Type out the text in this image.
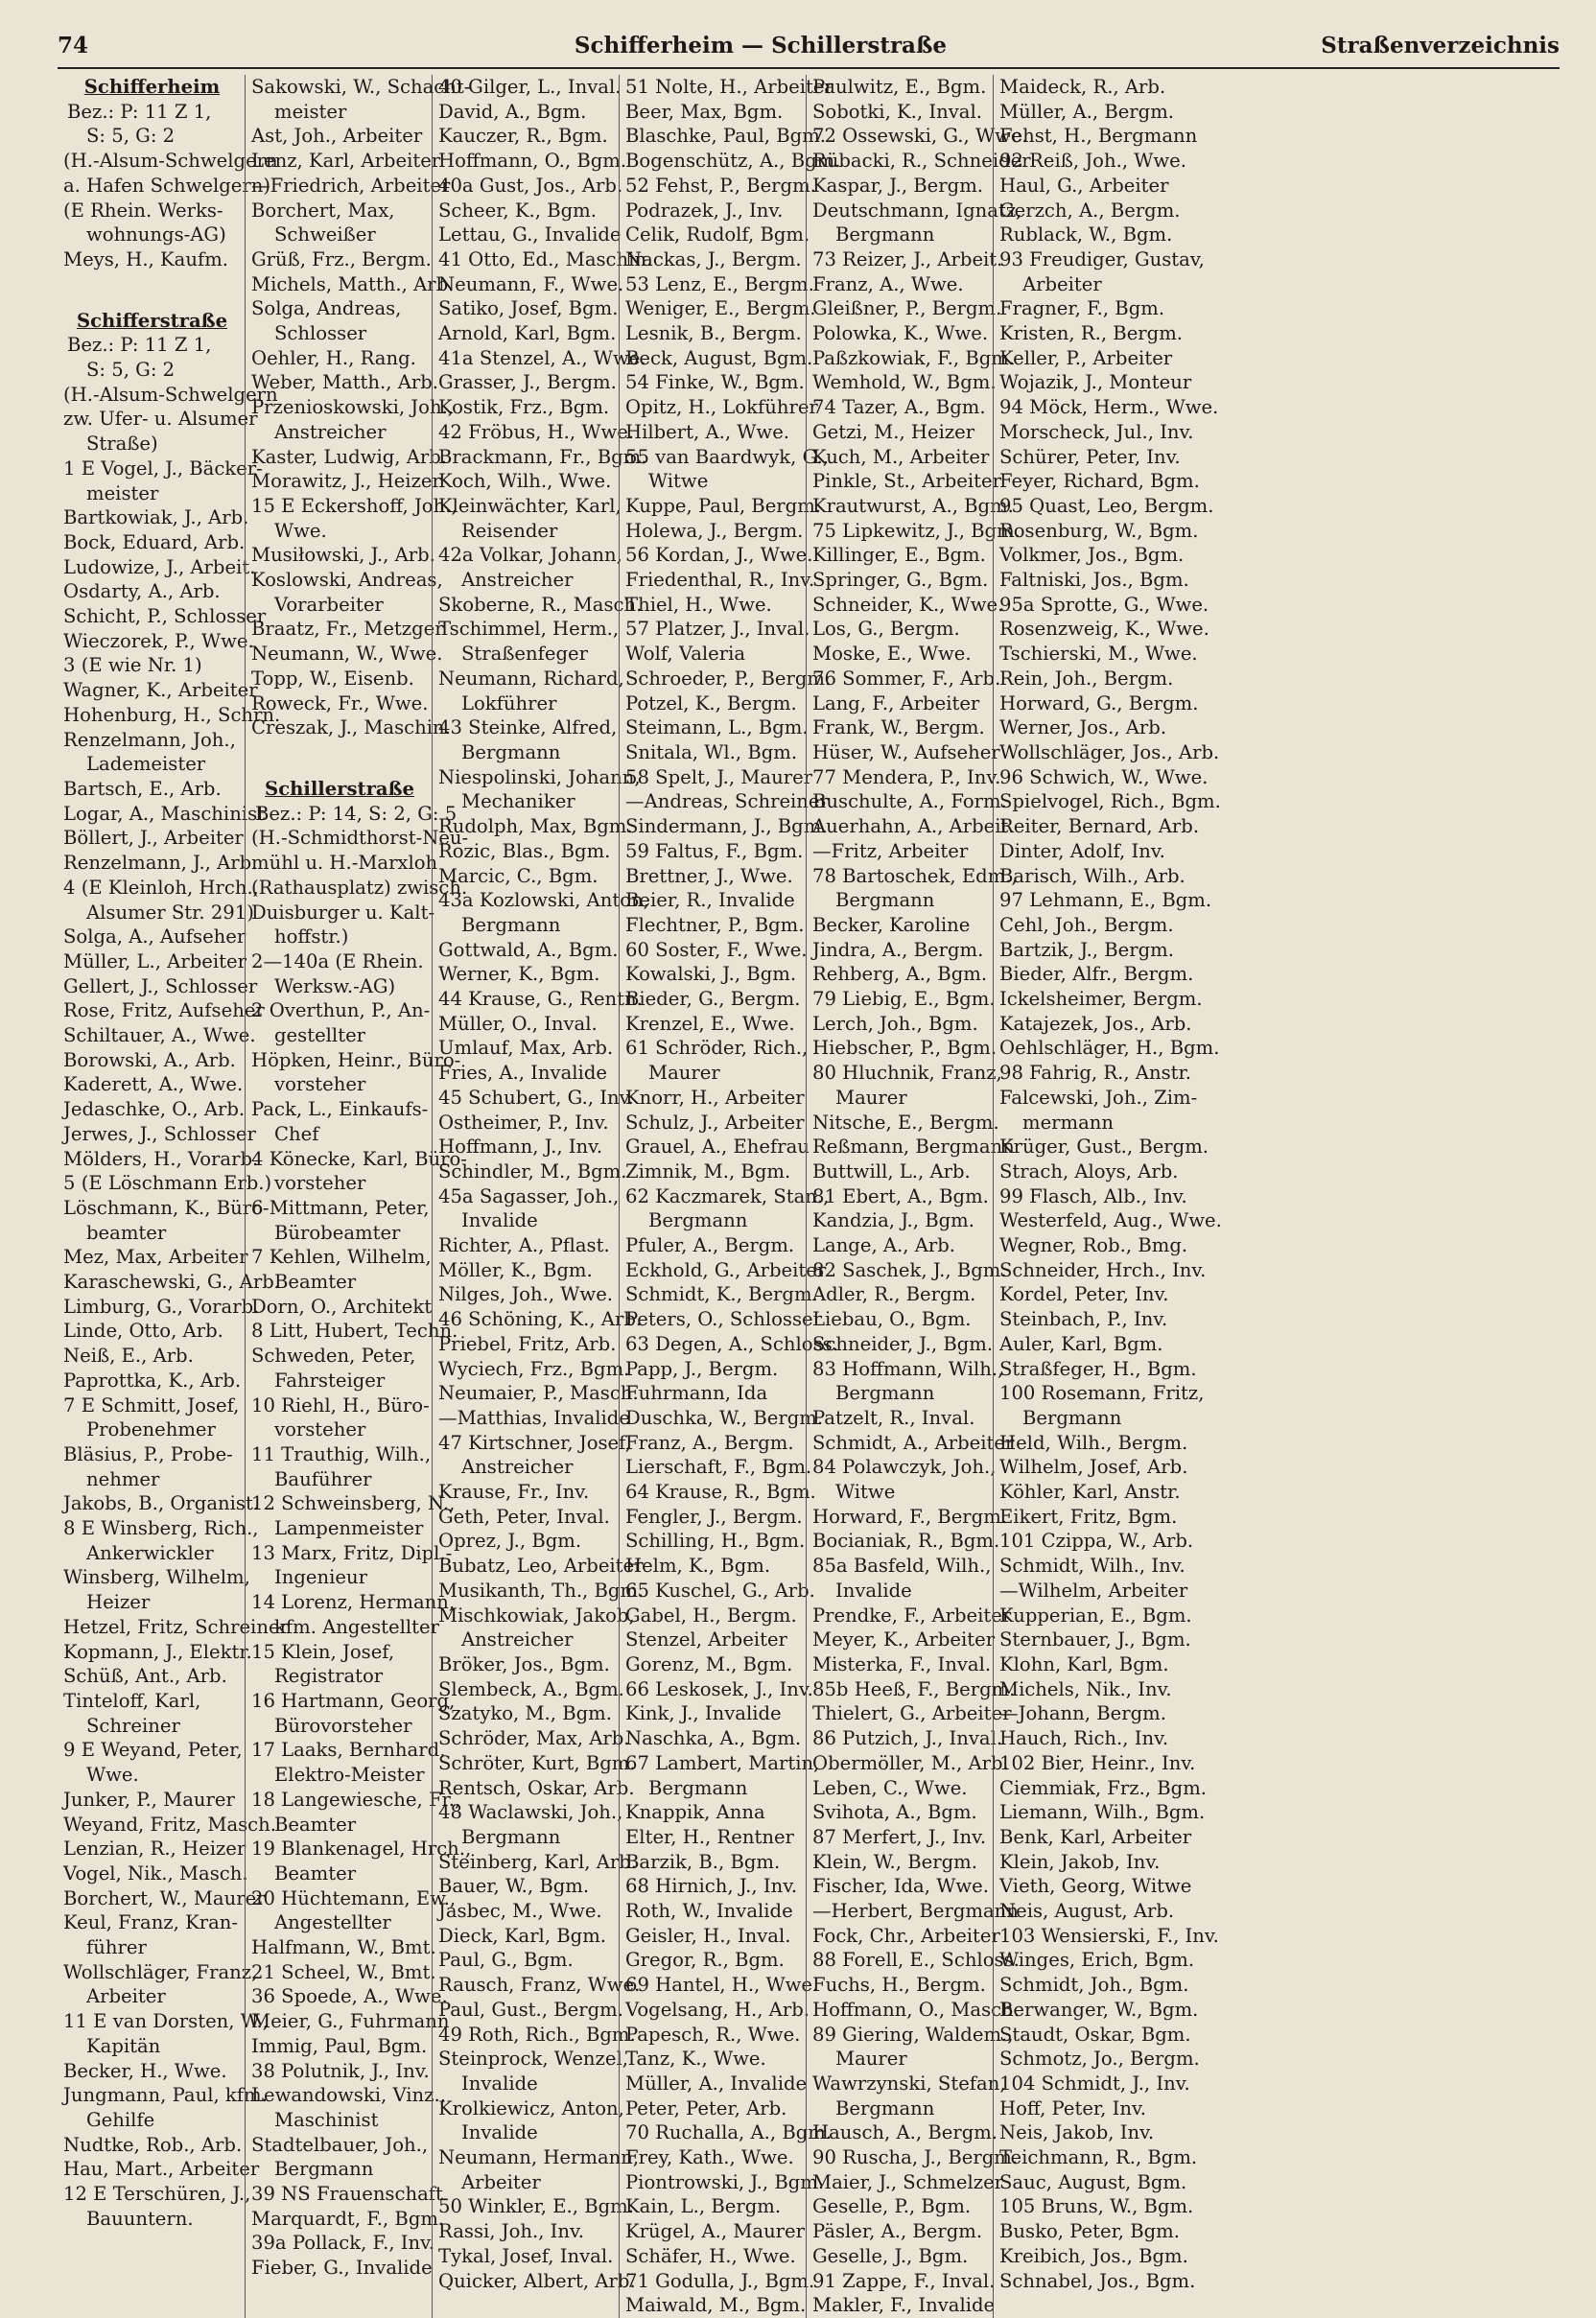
74	Schifferheim — Schillerstraße	Straßenverzeichnis
Schifferheim
Bez.: P: 11 Z 1,
S: 5, G: 2
(H.-Alsum-Schwelgern
a. Hafen Schwelgern)
(E Rhein. Werks-
wohnungs-AG)
Meys, H., Kaufm.
Schifferstraße
Bez.: P: 11 Z 1,
S: 5, G: 2
(H.-Alsum-Schwelgern
zw. Ufer- u. Alsumer
Straße)
1 E Vogel, J., Bäcker-
meister
Bartkowiak, J., Arb.
Bock, Eduard, Arb.
Ludowize, J., Arbeit.
Osdarty, A., Arb.
Schicht, P., Schlosser
Wieczorek, P., Wwe.
3 (E wie Nr. 1)
Wagner, K., Arbeiter
Hohenburg, H., Schrn.
Renzelmann, Joh.,
Lademeister
Bartsch, E., Arb.
Logar, A., Maschinist
Böllert, J., Arbeiter
Renzelmann, J., Arb.
4 (E Kleinloh, Hrch.,
Alsumer Str. 291)
Solga, A., Aufseher
Müller, L., Arbeiter
Gellert, J., Schlosser
Rose, Fritz, Aufseher
Schiltauer, A., Wwe.
Borowski, A., Arb.
Kaderett, A., Wwe.
Jedaschke, O., Arb.
Jerwes, J., Schlosser
Mölders, H., Vorarb.
5 (E Löschmann Erb.)
Löschmann, K., Büro-
beamter
Mez, Max, Arbeiter
Karaschewski, G., Arb.
Limburg, G., Vorarb.
Linde, Otto, Arb.
Neiß, E., Arb.
Paprottka, K., Arb.
7 E Schmitt, Josef,
Probenehmer
Bläsius, P., Probe-
nehmer
Jakobs, B., Organist.
8 E Winsberg, Rich.,
Ankerwickler
Winsberg, Wilhelm,
Heizer
Hetzel, Fritz, Schreiner
Kopmann, J., Elektr.
Schüß, Ant., Arb.
Tinteloff, Karl,
Schreiner
9 E Weyand, Peter,
Wwe.
Junker, P., Maurer
Weyand, Fritz, Masch.
Lenzian, R., Heizer
Vogel, Nik., Masch.
Borchert, W., Maurer
Keul, Franz, Kran-
führer
Wollschläger, Franz,
Arbeiter
11 E van Dorsten, W.,
Kapitän
Becker, H., Wwe.
Jungmann, Paul, kfm.
Gehilfe
Nudtke, Rob., Arb.
Hau, Mart., Arbeiter
12 E Terschüren, J.,
Bauuntern.
Sakowski, W., Schacht-
meister
Ast, Joh., Arbeiter
Lenz, Karl, Arbeiter
—Friedrich, Arbeiter
Borchert, Max,
Schweißer
Grüß, Frz., Bergm.
Michels, Matth., Arb.
Solga, Andreas,
Schlosser
Oehler, H., Rang.
Weber, Matth., Arb.
Przenioskowski, Joh.,
Anstreicher
Kaster, Ludwig, Arb.
Morawitz, J., Heizer
15 E Eckershoff, Joh.,
Wwe.
Musiłowski, J., Arb.
Koslowski, Andreas,
Vorarbeiter
Braatz, Fr., Metzger
Neumann, W., Wwe.
Topp, W., Eisenb.
Roweck, Fr., Wwe.
Creszak, J., Maschin.
Schillerstraße
Bez.: P: 14, S: 2, G: 5
(H.-Schmidthorst-Neu-
mühl u. H.-Marxloh
(Rathausplatz) zwisch.
Duisburger u. Kalt-
hoffstr.)
2—140a (E Rhein.
Werksw.-AG)
2 Overthun, P., An-
gestellter
Höpken, Heinr., Büro-
vorsteher
Pack, L., Einkaufs-
Chef
4 Könecke, Karl, Büro-
vorsteher
6 Mittmann, Peter,
Bürobeamter
7 Kehlen, Wilhelm,
Beamter
Dorn, O., Architekt
8 Litt, Hubert, Techn.
Schweden, Peter,
Fahrsteiger
10 Riehl, H., Büro-
vorsteher
11 Trauthig, Wilh.,
Bauführer
12 Schweinsberg, N.,
Lampenmeister
13 Marx, Fritz, Dipl.-
Ingenieur
14 Lorenz, Hermann,
kfm. Angestellter
15 Klein, Josef,
Registrator
16 Hartmann, Georg,
Bürovorsteher
17 Laaks, Bernhard,
Elektro-Meister
18 Langewiesche, Fr.,
Beamter
19 Blankenagel, Hrch.,
Beamter
20 Hüchtemann, Ew.,
Angestellter
Halfmann, W., Bmt.
21 Scheel, W., Bmt.
36 Spoede, A., Wwe.
Meier, G., Fuhrmann
Immig, Paul, Bgm.
38 Polutnik, J., Inv.
Lewandowski, Vinz.,
Maschinist
Stadtelbauer, Joh.,
Bergmann
39 NS Frauenschaft
Marquardt, F., Bgm.
39a Pollack, F., Inv.
Fieber, G., Invalide
40 Gilger, L., Inval.
David, A., Bgm.
Kauczer, R., Bgm.
Hoffmann, O., Bgm.
40a Gust, Jos., Arb.
Scheer, K., Bgm.
Lettau, G., Invalide
41 Otto, Ed., Maschin.
Neumann, F., Wwe.
Satiko, Josef, Bgm.
Arnold, Karl, Bgm.
41a Stenzel, A., Wwe.
Grasser, J., Bergm.
Kostik, Frz., Bgm.
42 Fröbus, H., Wwe.
Brackmann, Fr., Bgm.
Koch, Wilh., Wwe.
Kleinwächter, Karl,
Reisender
42a Volkar, Johann,
Anstreicher
Skoberne, R., Masch.
Tschimmel, Herm.,
Straßenfeger
Neumann, Richard,
Lokführer
43 Steinke, Alfred,
Bergmann
Niespolinski, Johann,
Mechaniker
Rudolph, Max, Bgm.
Rozic, Blas., Bgm.
Marcic, C., Bgm.
43a Kozlowski, Anton,
Bergmann
Gottwald, A., Bgm.
Werner, K., Bgm.
44 Krause, G., Rentn.
Müller, O., Inval.
Umlauf, Max, Arb.
Fries, A., Invalide
45 Schubert, G., Inv.
Ostheimer, P., Inv.
Hoffmann, J., Inv.
Schindler, M., Bgm.
45a Sagasser, Joh.,
Invalide
Richter, A., Pflast.
Möller, K., Bgm.
Nilges, Joh., Wwe.
46 Schöning, K., Arb.
Priebel, Fritz, Arb.
Wyciech, Frz., Bgm.
Neumaier, P., Masch.
—Matthias, Invalide
47 Kirtschner, Josef,
Anstreicher
Krause, Fr., Inv.
Geth, Peter, Inval.
Oprez, J., Bgm.
Bubatz, Leo, Arbeiter
Musikanth, Th., Bgm.
Mischkowiak, Jakob,
Anstreicher
Bröker, Jos., Bgm.
Slembeck, A., Bgm.
Szatyko, M., Bgm.
Schröder, Max, Arb.
Schröter, Kurt, Bgm.
Rentsch, Oskar, Arb.
48 Waclawski, Joh.,
Bergmann
Steinberg, Karl, Arb.
Bauer, W., Bgm.
Jasbec, M., Wwe.
Dieck, Karl, Bgm.
Paul, G., Bgm.
Rausch, Franz, Wwe.
Paul, Gust., Bergm.
49 Roth, Rich., Bgm.
Steinprock, Wenzel,
Invalide
Krolkiewicz, Anton,
Invalide
Neumann, Hermann,
Arbeiter
50 Winkler, E., Bgm.
Rassi, Joh., Inv.
Tykal, Josef, Inval.
Quicker, Albert, Arb.
51 Nolte, H., Arbeiter
Beer, Max, Bgm.
Blaschke, Paul, Bgm.
Bogenschütz, A., Bgm.
52 Fehst, P., Bergm.
Podrazek, J., Inv.
Celik, Rudolf, Bgm.
Nackas, J., Bergm.
53 Lenz, E., Bergm.
Weniger, E., Bergm.
Lesnik, B., Bergm.
Beck, August, Bgm.
54 Finke, W., Bgm.
Opitz, H., Lokführer
Hilbert, A., Wwe.
55 van Baardwyk, G.,
Witwe
Kuppe, Paul, Bergm.
Holewa, J., Bergm.
56 Kordan, J., Wwe.
Friedenthal, R., Inv.
Thiel, H., Wwe.
57 Platzer, J., Inval.
Wolf, Valeria
Schroeder, P., Bergm.
Potzel, K., Bergm.
Steimann, L., Bgm.
Snitala, Wl., Bgm.
58 Spelt, J., Maurer
—Andreas, Schreiner
Sindermann, J., Bgm.
59 Faltus, F., Bgm.
Brettner, J., Wwe.
Beier, R., Invalide
Flechtner, P., Bgm.
60 Soster, F., Wwe.
Kowalski, J., Bgm.
Bieder, G., Bergm.
Krenzel, E., Wwe.
61 Schröder, Rich.,
Maurer
Knorr, H., Arbeiter
Schulz, J., Arbeiter
Grauel, A., Ehefrau
Zimnik, M., Bgm.
62 Kaczmarek, Stan.,
Bergmann
Pfuler, A., Bergm.
Eckhold, G., Arbeiter
Schmidt, K., Bergm.
Peters, O., Schlosser
63 Degen, A., Schloss.
Papp, J., Bergm.
Fuhrmann, Ida
Duschka, W., Bergm.
Franz, A., Bergm.
Lierschaft, F., Bgm.
64 Krause, R., Bgm.
Fengler, J., Bergm.
Schilling, H., Bgm.
Helm, K., Bgm.
65 Kuschel, G., Arb.
Gabel, H., Bergm.
Stenzel, Arbeiter
Gorenz, M., Bgm.
66 Leskosek, J., Inv.
Kink, J., Invalide
Naschka, A., Bgm.
67 Lambert, Martin,
Bergmann
Knappik, Anna
Elter, H., Rentner
Barzik, B., Bgm.
68 Hirnich, J., Inv.
Roth, W., Invalide
Geisler, H., Inval.
Gregor, R., Bgm.
69 Hantel, H., Wwe.
Vogelsang, H., Arb.
Papesch, R., Wwe.
Tanz, K., Wwe.
Müller, A., Invalide
Peter, Peter, Arb.
70 Ruchalla, A., Bgm.
Frey, Kath., Wwe.
Piontrowski, J., Bgm.
Kain, L., Bergm.
Krügel, A., Maurer
Schäfer, H., Wwe.
71 Godulla, J., Bgm.
Maiwald, M., Bgm.
Paulwitz, E., Bgm.
Sobotki, K., Inval.
72 Ossewski, G., Wwe.
Rübacki, R., Schneider
Kaspar, J., Bergm.
Deutschmann, Ignatz,
Bergmann
73 Reizer, J., Arbeit.
Franz, A., Wwe.
Gleißner, P., Bergm.
Polowka, K., Wwe.
Paßzkowiak, F., Bgm.
Wemhold, W., Bgm.
74 Tazer, A., Bgm.
Getzi, M., Heizer
Kuch, M., Arbeiter
Pinkle, St., Arbeiter
Krautwurst, A., Bgm.
75 Lipkewitz, J., Bgm.
Killinger, E., Bgm.
Springer, G., Bgm.
Schneider, K., Wwe.
Los, G., Bergm.
Moske, E., Wwe.
76 Sommer, F., Arb.
Lang, F., Arbeiter
Frank, W., Bergm.
Hüser, W., Aufseher
77 Mendera, P., Inv.
Buschulte, A., Form.
Auerhahn, A., Arbeit.
—Fritz, Arbeiter
78 Bartoschek, Edm.,
Bergmann
Becker, Karoline
Jindra, A., Bergm.
Rehberg, A., Bgm.
79 Liebig, E., Bgm.
Lerch, Joh., Bgm.
Hiebscher, P., Bgm.
80 Hluchnik, Franz,
Maurer
Nitsche, E., Bergm.
Reßmann, Bergmann
Buttwill, L., Arb.
81 Ebert, A., Bgm.
Kandzia, J., Bgm.
Lange, A., Arb.
82 Saschek, J., Bgm.
Adler, R., Bergm.
Liebau, O., Bgm.
Schneider, J., Bgm.
83 Hoffmann, Wilh.,
Bergmann
Patzelt, R., Inval.
Schmidt, A., Arbeiter
84 Polawczyk, Joh.,
Witwe
Horward, F., Bergm.
Bocianiak, R., Bgm.
85a Basfeld, Wilh.,
Invalide
Prendke, F., Arbeiter
Meyer, K., Arbeiter
Misterka, F., Inval.
85b Heeß, F., Bergm.
Thielert, G., Arbeiter
86 Putzich, J., Inval.
Obermöller, M., Arb.
Leben, C., Wwe.
Svihota, A., Bgm.
87 Merfert, J., Inv.
Klein, W., Bergm.
Fischer, Ida, Wwe.
—Herbert, Bergmann
Fock, Chr., Arbeiter
88 Forell, E., Schloss.
Fuchs, H., Bergm.
Hoffmann, O., Masch.
89 Giering, Waldem.,
Maurer
Wawrzynski, Stefan,
Bergmann
Hausch, A., Bergm.
90 Ruscha, J., Bergm.
Maier, J., Schmelzer
Geselle, P., Bgm.
Päsler, A., Bergm.
Geselle, J., Bgm.
91 Zappe, F., Inval.
Makler, F., Invalide
Maideck, R., Arb.
Müller, A., Bergm.
Fehst, H., Bergmann
92 Reiß, Joh., Wwe.
Haul, G., Arbeiter
Gerzch, A., Bergm.
Rublack, W., Bgm.
93 Freudiger, Gustav,
Arbeiter
Fragner, F., Bgm.
Kristen, R., Bergm.
Keller, P., Arbeiter
Wojazik, J., Monteur
94 Möck, Herm., Wwe.
Morscheck, Jul., Inv.
Schürer, Peter, Inv.
Feyer, Richard, Bgm.
95 Quast, Leo, Bergm.
Rosenburg, W., Bgm.
Volkmer, Jos., Bgm.
Faltniski, Jos., Bgm.
95a Sprotte, G., Wwe.
Rosenzweig, K., Wwe.
Tschierski, M., Wwe.
Rein, Joh., Bergm.
Horward, G., Bergm.
Werner, Jos., Arb.
Wollschläger, Jos., Arb.
96 Schwich, W., Wwe.
Spielvogel, Rich., Bgm.
Reiter, Bernard, Arb.
Dinter, Adolf, Inv.
Barisch, Wilh., Arb.
97 Lehmann, E., Bgm.
Cehl, Joh., Bergm.
Bartzik, J., Bergm.
Bieder, Alfr., Bergm.
Ickelsheimer, Bergm.
Katajezek, Jos., Arb.
Oehlschläger, H., Bgm.
98 Fahrig, R., Anstr.
Falcewski, Joh., Zim-
mermann
Krüger, Gust., Bergm.
Strach, Aloys, Arb.
99 Flasch, Alb., Inv.
Westerfeld, Aug., Wwe.
Wegner, Rob., Bmg.
Schneider, Hrch., Inv.
Kordel, Peter, Inv.
Steinbach, P., Inv.
Auler, Karl, Bgm.
Straßfeger, H., Bgm.
100 Rosemann, Fritz,
Bergmann
Held, Wilh., Bergm.
Wilhelm, Josef, Arb.
Köhler, Karl, Anstr.
Eikert, Fritz, Bgm.
101 Czippa, W., Arb.
Schmidt, Wilh., Inv.
—Wilhelm, Arbeiter
Kupperian, E., Bgm.
Sternbauer, J., Bgm.
Klohn, Karl, Bgm.
Michels, Nik., Inv.
—Johann, Bergm.
Hauch, Rich., Inv.
102 Bier, Heinr., Inv.
Ciemmiak, Frz., Bgm.
Liemann, Wilh., Bgm.
Benk, Karl, Arbeiter
Klein, Jakob, Inv.
Vieth, Georg, Witwe
Neis, August, Arb.
103 Wensierski, F., Inv.
Winges, Erich, Bgm.
Schmidt, Joh., Bgm.
Berwanger, W., Bgm.
Staudt, Oskar, Bgm.
Schmotz, Jo., Bergm.
104 Schmidt, J., Inv.
Hoff, Peter, Inv.
Neis, Jakob, Inv.
Teichmann, R., Bgm.
Sauc, August, Bgm.
105 Bruns, W., Bgm.
Busko, Peter, Bgm.
Kreibich, Jos., Bgm.
Schnabel, Jos., Bgm.
